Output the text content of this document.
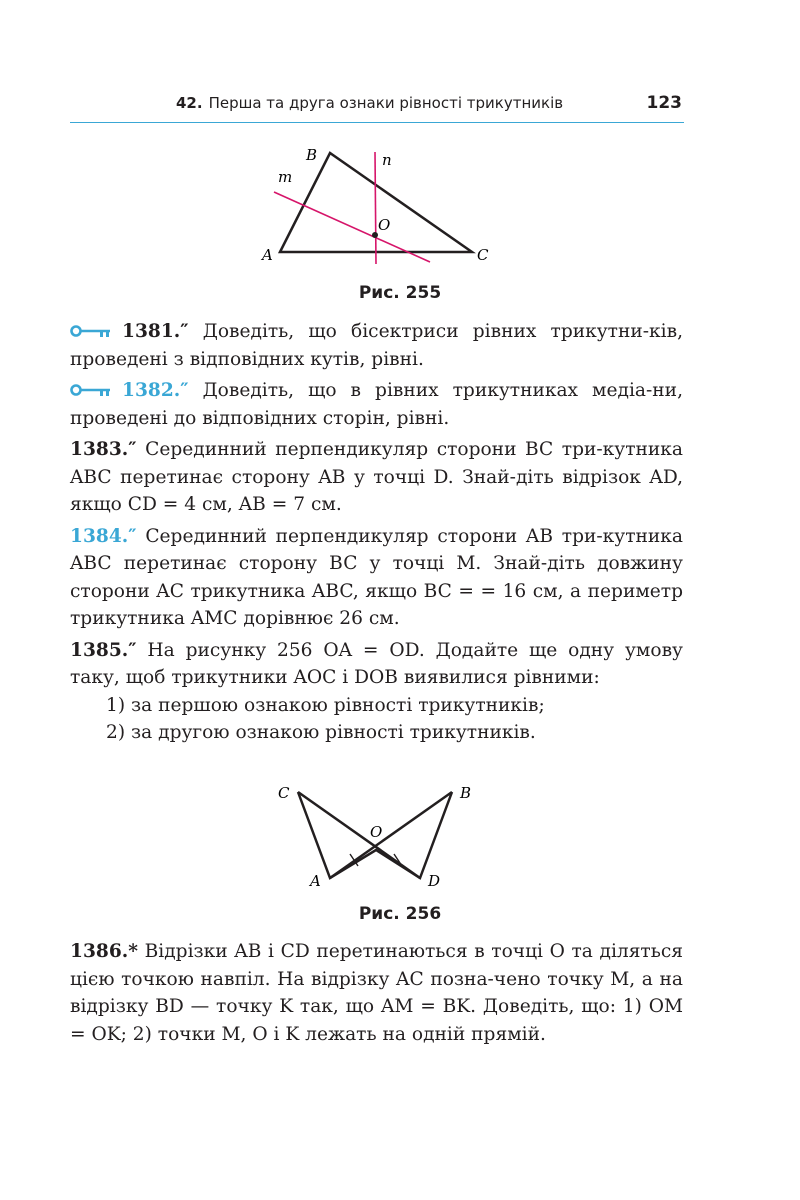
42. Перша та друга ознаки рівності трикутників	123
B	n
m
O
A	C
Рис. 255

1381.″ Доведіть, що бісектриси рівних трикутни-ків, проведені з відповідних кутів, рівні.

1382.″ Доведіть, що в рівних трикутниках медіа-ни, проведені до відповідних сторін, рівні.

1383.″ Серединний перпендикуляр сторони BC три-кутника ABC перетинає сторону AB у точці D. Знай-діть відрізок AD, якщо CD = 4 см, AB = 7 см.

1384.″ Серединний перпендикуляр сторони AB три-кутника ABC перетинає сторону BC у точці M. Знай-діть довжину сторони AC трикутника ABC, якщо BC = = 16 см, а периметр трикутника AMC дорівнює 26 см.

1385.″ На рисунку 256 OA = OD. Додайте ще одну умову таку, щоб трикутники AOC і DOB виявилися рівними:

1) за першою ознакою рівності трикутників;

2) за другою ознакою рівності трикутників.

C	B
O
A	D
Рис. 256

1386.* Відрізки AB і CD перетинаються в точці O та діляться цією точкою навпіл. На відрізку AC позна-чено точку M, а на відрізку BD — точку K так, що AM = BK. Доведіть, що: 1) OM = OK; 2) точки M, O і K лежать на одній прямій.
